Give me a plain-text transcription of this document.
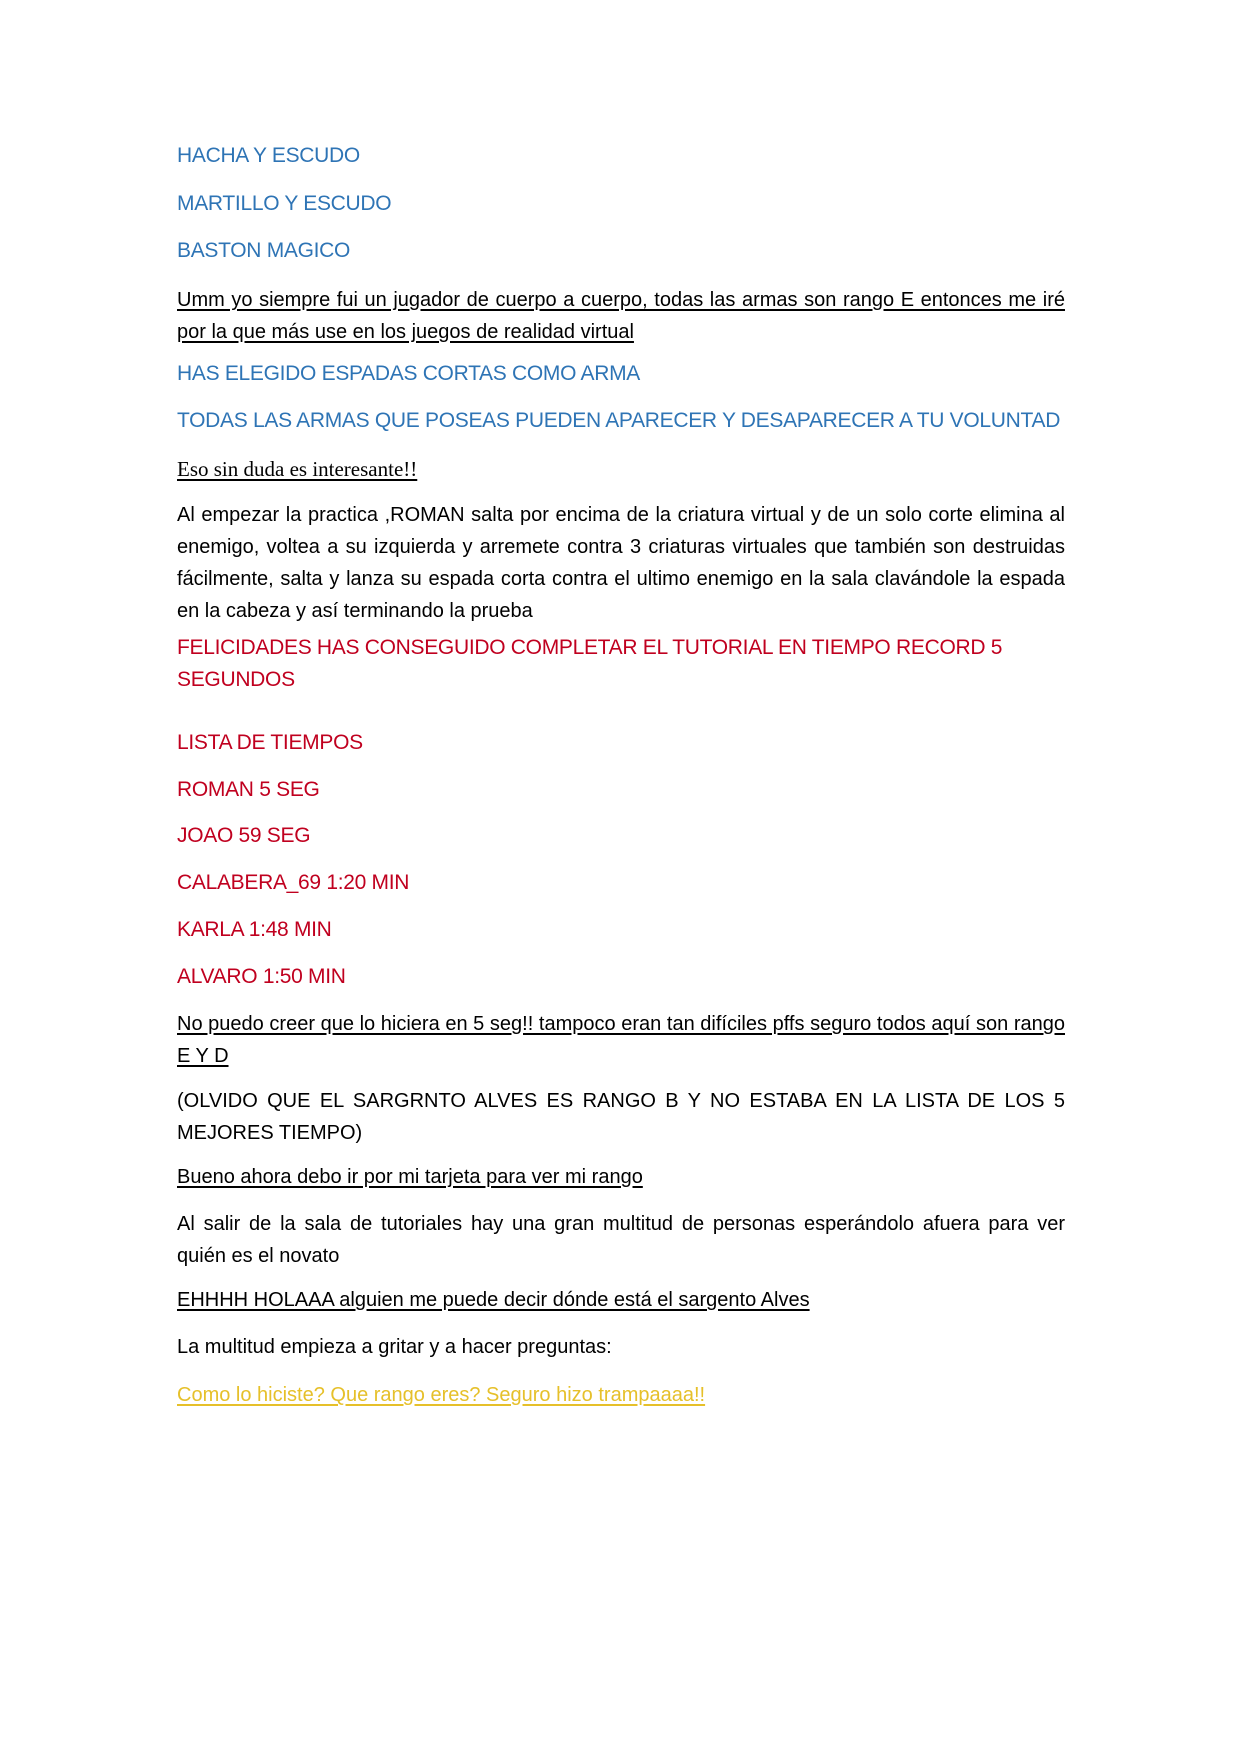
HACHA Y ESCUDO

MARTILLO Y ESCUDO

BASTON MAGICO

Umm yo siempre fui un jugador de cuerpo a cuerpo, todas las armas son rango E entonces me iré por la que más use en los juegos de realidad virtual

HAS ELEGIDO ESPADAS CORTAS COMO ARMA

TODAS LAS ARMAS QUE POSEAS PUEDEN APARECER Y DESAPARECER A TU VOLUNTAD

Eso sin duda es interesante!!

Al empezar la practica ,ROMAN salta por encima de la criatura virtual y de un solo corte elimina al enemigo, voltea a su izquierda y arremete contra 3 criaturas virtuales que también son destruidas fácilmente, salta y lanza su espada corta contra el ultimo enemigo en la sala clavándole la espada en la cabeza y así terminando la prueba

FELICIDADES HAS CONSEGUIDO COMPLETAR EL TUTORIAL EN TIEMPO RECORD 5 SEGUNDOS

LISTA DE TIEMPOS

ROMAN 5 SEG

JOAO 59 SEG

CALABERA_69 1:20 MIN

KARLA 1:48 MIN

ALVARO 1:50 MIN

No puedo creer que lo hiciera en 5 seg!! tampoco eran tan difíciles pffs seguro todos aquí son rango E Y D

(OLVIDO QUE EL SARGRNTO ALVES ES RANGO B Y NO ESTABA EN LA LISTA DE LOS 5 MEJORES TIEMPO)

Bueno ahora debo ir por mi tarjeta para ver mi rango

Al salir de la sala de tutoriales hay una gran multitud de personas esperándolo afuera para ver quién es el novato

EHHHH HOLAAA alguien me puede decir dónde está el sargento Alves

La multitud empieza a gritar y a hacer preguntas:

Como lo hiciste? Que rango eres? Seguro hizo trampaaaa!!
